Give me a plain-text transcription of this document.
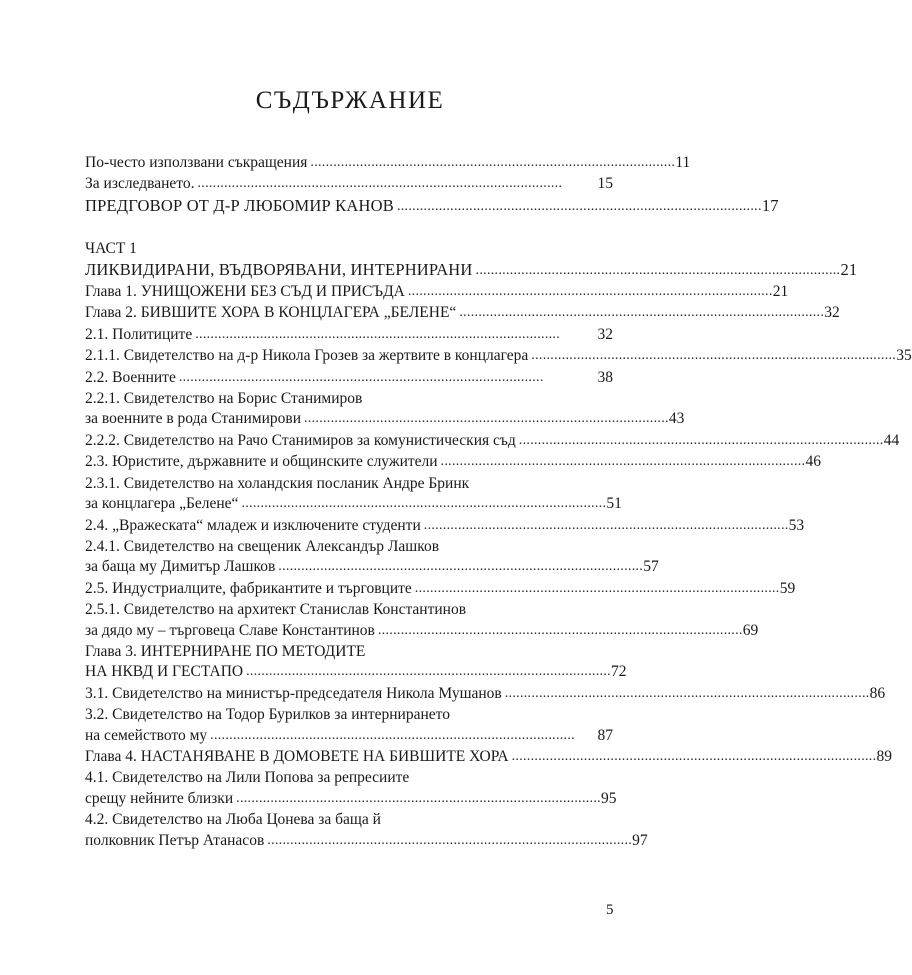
СЪДЪРЖАНИЕ
По-често използвани съкращения . . .	11
За изследването. . . .	15
ПРЕДГОВОР ОТ Д-Р ЛЮБОМИР КАНОВ . . .	17
ЧАСТ 1
ЛИКВИДИРАНИ, ВЪДВОРЯВАНИ, ИНТЕРНИРАНИ . . .	21
Глава 1. УНИЩОЖЕНИ БЕЗ СЪД И ПРИСЪДА . . .	21
Глава 2. БИВШИТЕ ХОРА В КОНЦЛАГЕРА „БЕЛЕНЕ“ . . .	32
2.1. Политиците . . .	32
2.1.1. Свидетелство на д-р Никола Грозев за жертвите в концлагера . . .	35
2.2. Военните . . .	38
2.2.1. Свидетелство на Борис Станимиров
за военните в рода Станимирови . . .	43
2.2.2. Свидетелство на Рачо Станимиров за комунистическия съд . . .	44
2.3. Юристите, държавните и общинските служители . . .	46
2.3.1. Свидетелство на холандския посланик Андре Бринк
за концлагера „Белене“ . . .	51
2.4. „Вражеската“ младеж и изключените студенти . . .	53
2.4.1. Свидетелство на свещеник Александър Лашков
за баща му Димитър Лашков . . .	57
2.5. Индустриалците, фабрикантите и търговците . . .	59
2.5.1. Свидетелство на архитект Станислав Константинов
за дядо му – търговеца Славе Константинов . . .	69
Глава 3. ИНТЕРНИРАНЕ ПО МЕТОДИТЕ
НА НКВД И ГЕСТАПО . . .	72
3.1. Свидетелство на министър-председателя Никола Мушанов . . .	86
3.2. Свидетелство на Тодор Бурилков за интернирането
на семейството му . . .	87
Глава 4. НАСТАНЯВАНЕ В ДОМОВЕТЕ НА БИВШИТЕ ХОРА . . .	89
4.1. Свидетелство на Лили Попова за репресиите
срещу нейните близки . . .	95
4.2. Свидетелство на Люба Цонева за баща й
полковник Петър Атанасов . . .	97
5
